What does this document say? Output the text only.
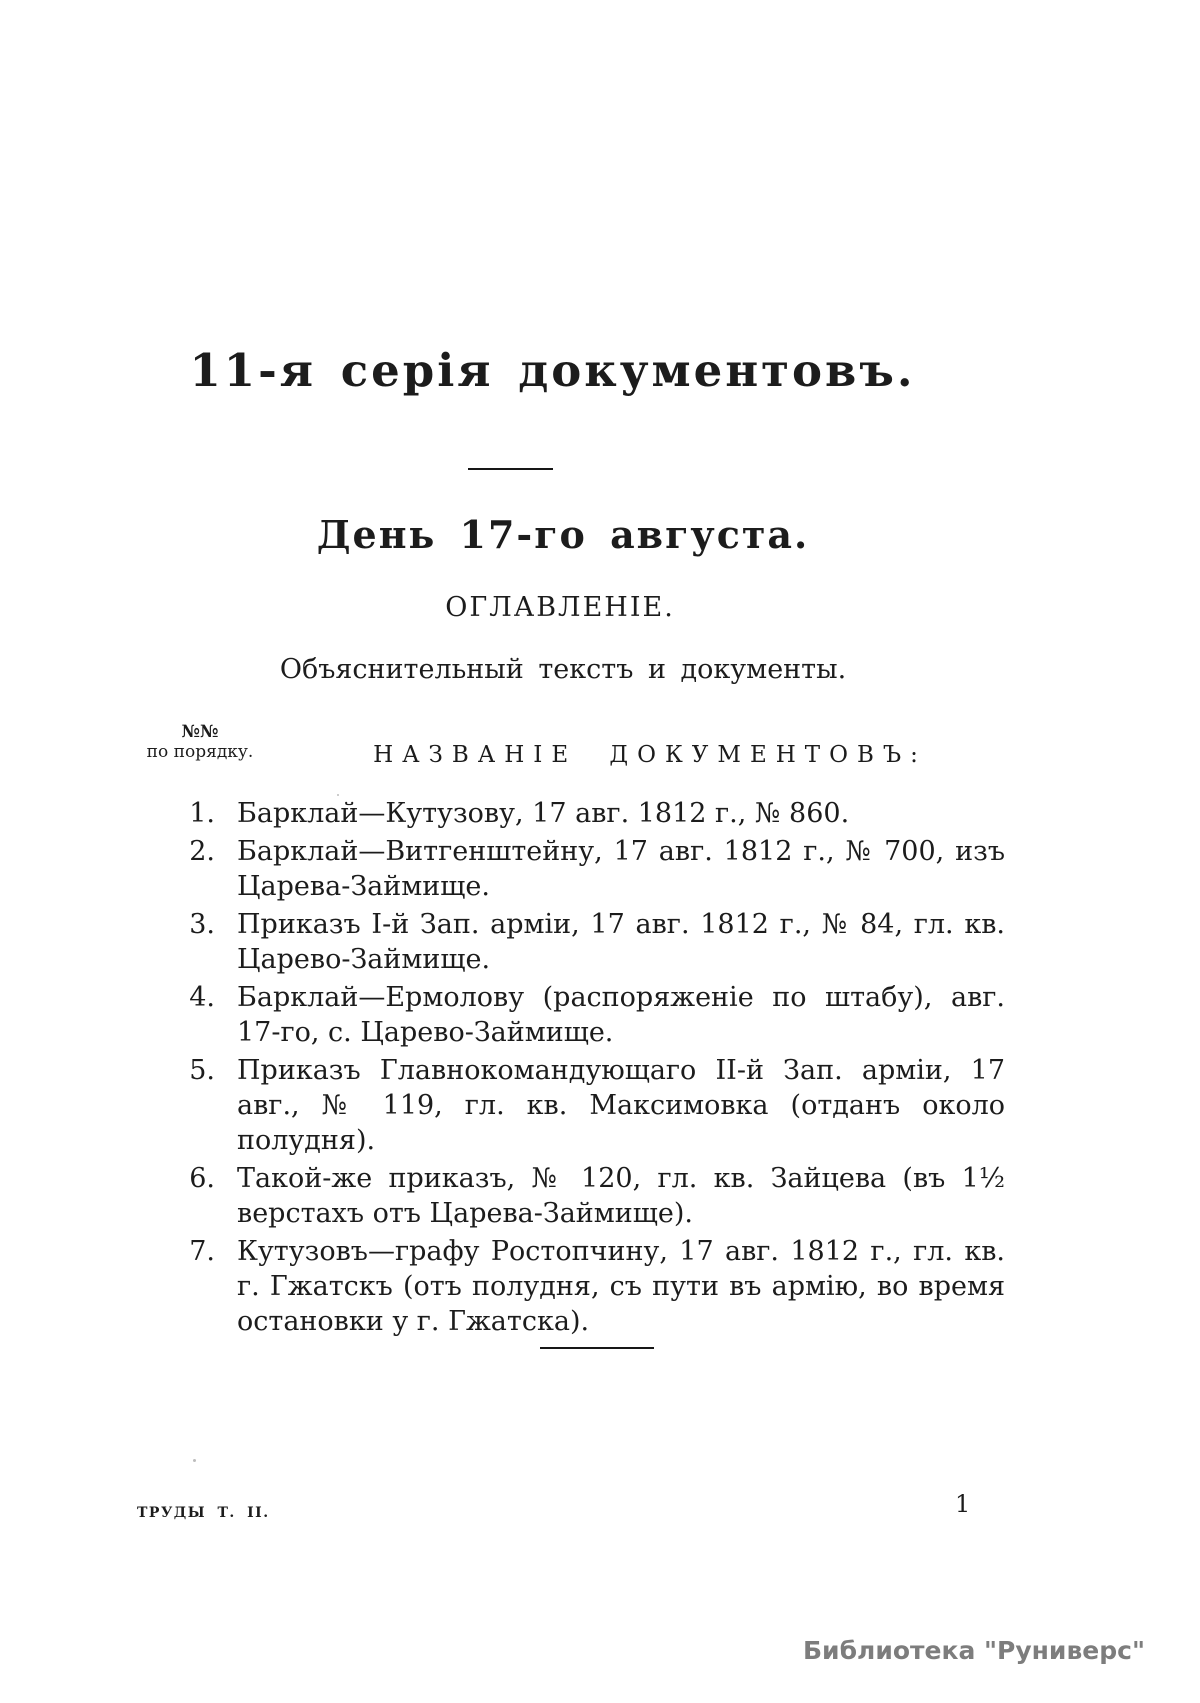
11-я серія документовъ.
День 17-го августа.
ОГЛАВЛЕНІЕ.
Объяснительный текстъ и документы.
№№
по порядку.	НАЗВАНІЕ ДОКУМЕНТОВЪ:
1. Барклай—Кутузову, 17 авг. 1812 г., № 860.
2. Барклай—Витгенштейну, 17 авг. 1812 г., № 700, изъ Царева-Займище.
3. Приказъ I-й Зап. арміи, 17 авг. 1812 г., № 84, гл. кв. Царево-Займище.
4. Барклай—Ермолову (распоряженіе по штабу), авг. 17-го, с. Царево-Займище.
5. Приказъ Главнокомандующаго II-й Зап. арміи, 17 авг., № 119, гл. кв. Максимовка (отданъ около полудня).
6. Такой-же приказъ, № 120, гл. кв. Зайцева (въ 1½ верстахъ отъ Царева-Займище).
7. Кутузовъ—графу Ростопчину, 17 авг. 1812 г., гл. кв. г. Гжатскъ (отъ полудня, съ пути въ армію, во время остановки у г. Гжатска).
ТРУДЫ Т. II.	1
Библиотека "Руниверс"
